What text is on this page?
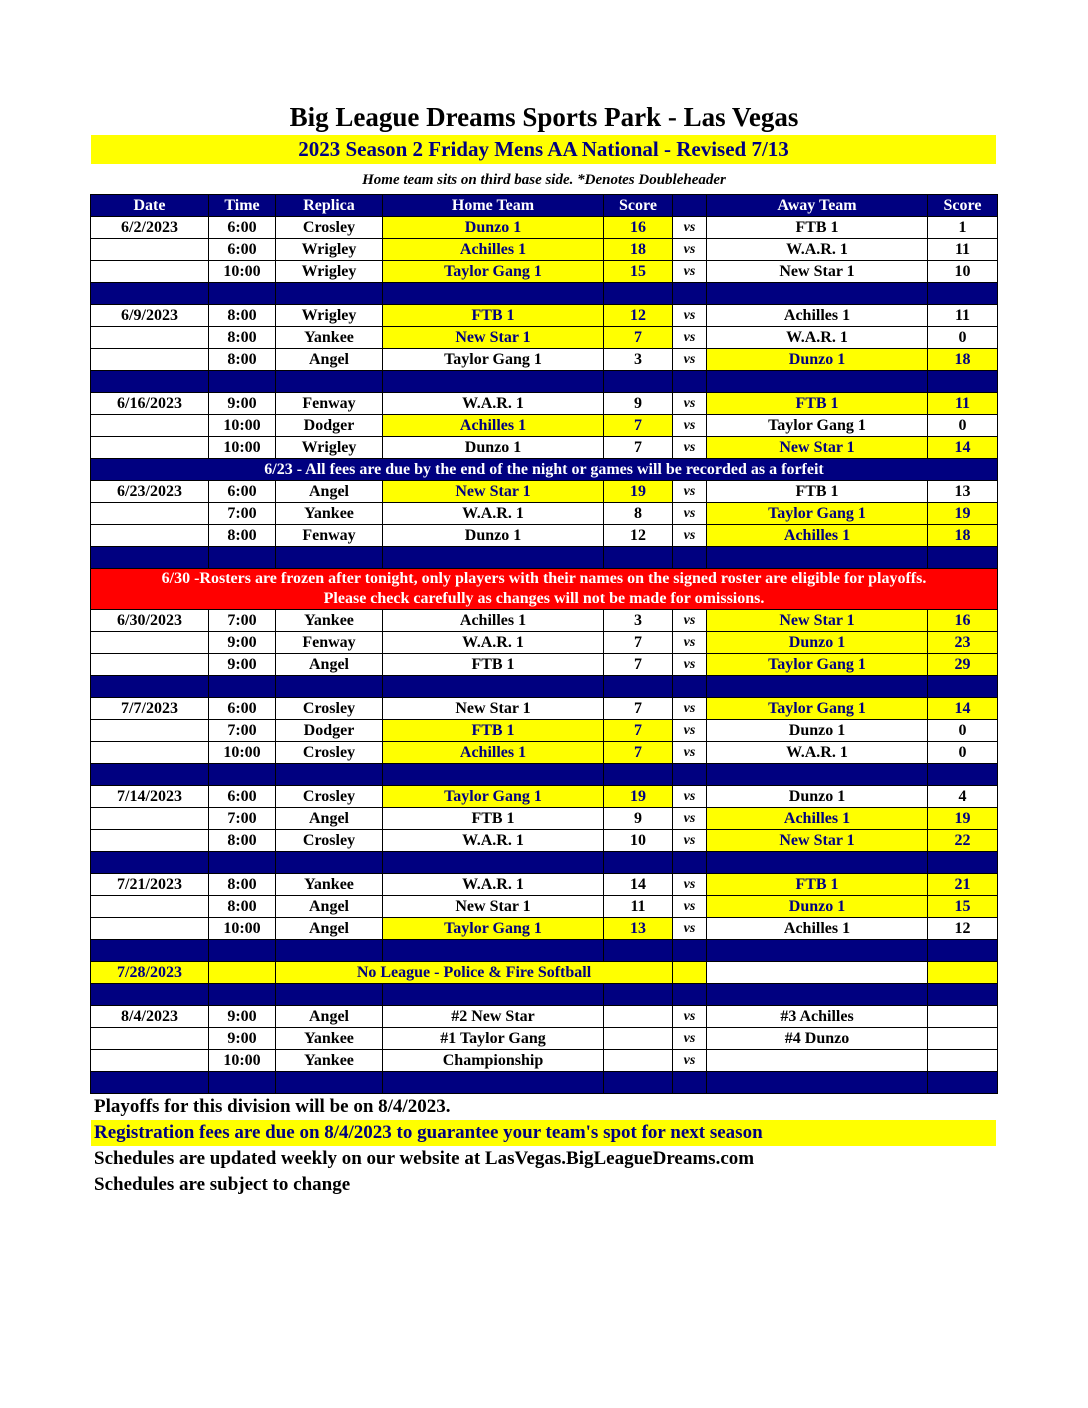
Big League Dreams Sports Park - Las Vegas
2023 Season 2 Friday Mens AA National - Revised 7/13
Home team sits on third base side. *Denotes Doubleheader
Date	Time	Replica	Home Team	Score		Away Team	Score
6/2/2023	6:00	Crosley	Dunzo 1	16	vs	FTB 1	1
	6:00	Wrigley	Achilles 1	18	vs	W.A.R. 1	11
	10:00	Wrigley	Taylor Gang 1	15	vs	New Star 1	10

6/9/2023	8:00	Wrigley	FTB 1	12	vs	Achilles 1	11
	8:00	Yankee	New Star 1	7	vs	W.A.R. 1	0
	8:00	Angel	Taylor Gang 1	3	vs	Dunzo 1	18

6/16/2023	9:00	Fenway	W.A.R. 1	9	vs	FTB 1	11
	10:00	Dodger	Achilles 1	7	vs	Taylor Gang 1	0
	10:00	Wrigley	Dunzo 1	7	vs	New Star 1	14
6/23 - All fees are due by the end of the night or games will be recorded as a forfeit							
6/23/2023	6:00	Angel	New Star 1	19	vs	FTB 1	13
	7:00	Yankee	W.A.R. 1	8	vs	Taylor Gang 1	19
	8:00	Fenway	Dunzo 1	12	vs	Achilles 1	18

6/30 -Rosters are frozen after tonight, only players with their names on the signed roster are eligible for playoffs.
Please check carefully as changes will not be made for omissions.							

6/30/2023	7:00	Yankee	Achilles 1	3	vs	New Star 1	16
	9:00	Fenway	W.A.R. 1	7	vs	Dunzo 1	23
	9:00	Angel	FTB 1	7	vs	Taylor Gang 1	29

7/7/2023	6:00	Crosley	New Star 1	7	vs	Taylor Gang 1	14
	7:00	Dodger	FTB 1	7	vs	Dunzo 1	0
	10:00	Crosley	Achilles 1	7	vs	W.A.R. 1	0

7/14/2023	6:00	Crosley	Taylor Gang 1	19	vs	Dunzo 1	4
	7:00	Angel	FTB 1	9	vs	Achilles 1	19
	8:00	Crosley	W.A.R. 1	10	vs	New Star 1	22

7/21/2023	8:00	Yankee	W.A.R. 1	14	vs	FTB 1	21
	8:00	Angel	New Star 1	11	vs	Dunzo 1	15
	10:00	Angel	Taylor Gang 1	13	vs	Achilles 1	12

7/28/2023		No League - Police & Fire Softball					

8/4/2023	9:00	Angel	#2 New Star		vs	#3 Achilles	
	9:00	Yankee	#1 Taylor Gang		vs	#4 Dunzo	
	10:00	Yankee	Championship		vs		

Playoffs for this division will be on 8/4/2023.
Registration fees are due on 8/4/2023 to guarantee your team's spot for next season
Schedules are updated weekly on our website at LasVegas.BigLeagueDreams.com
Schedules are subject to change
